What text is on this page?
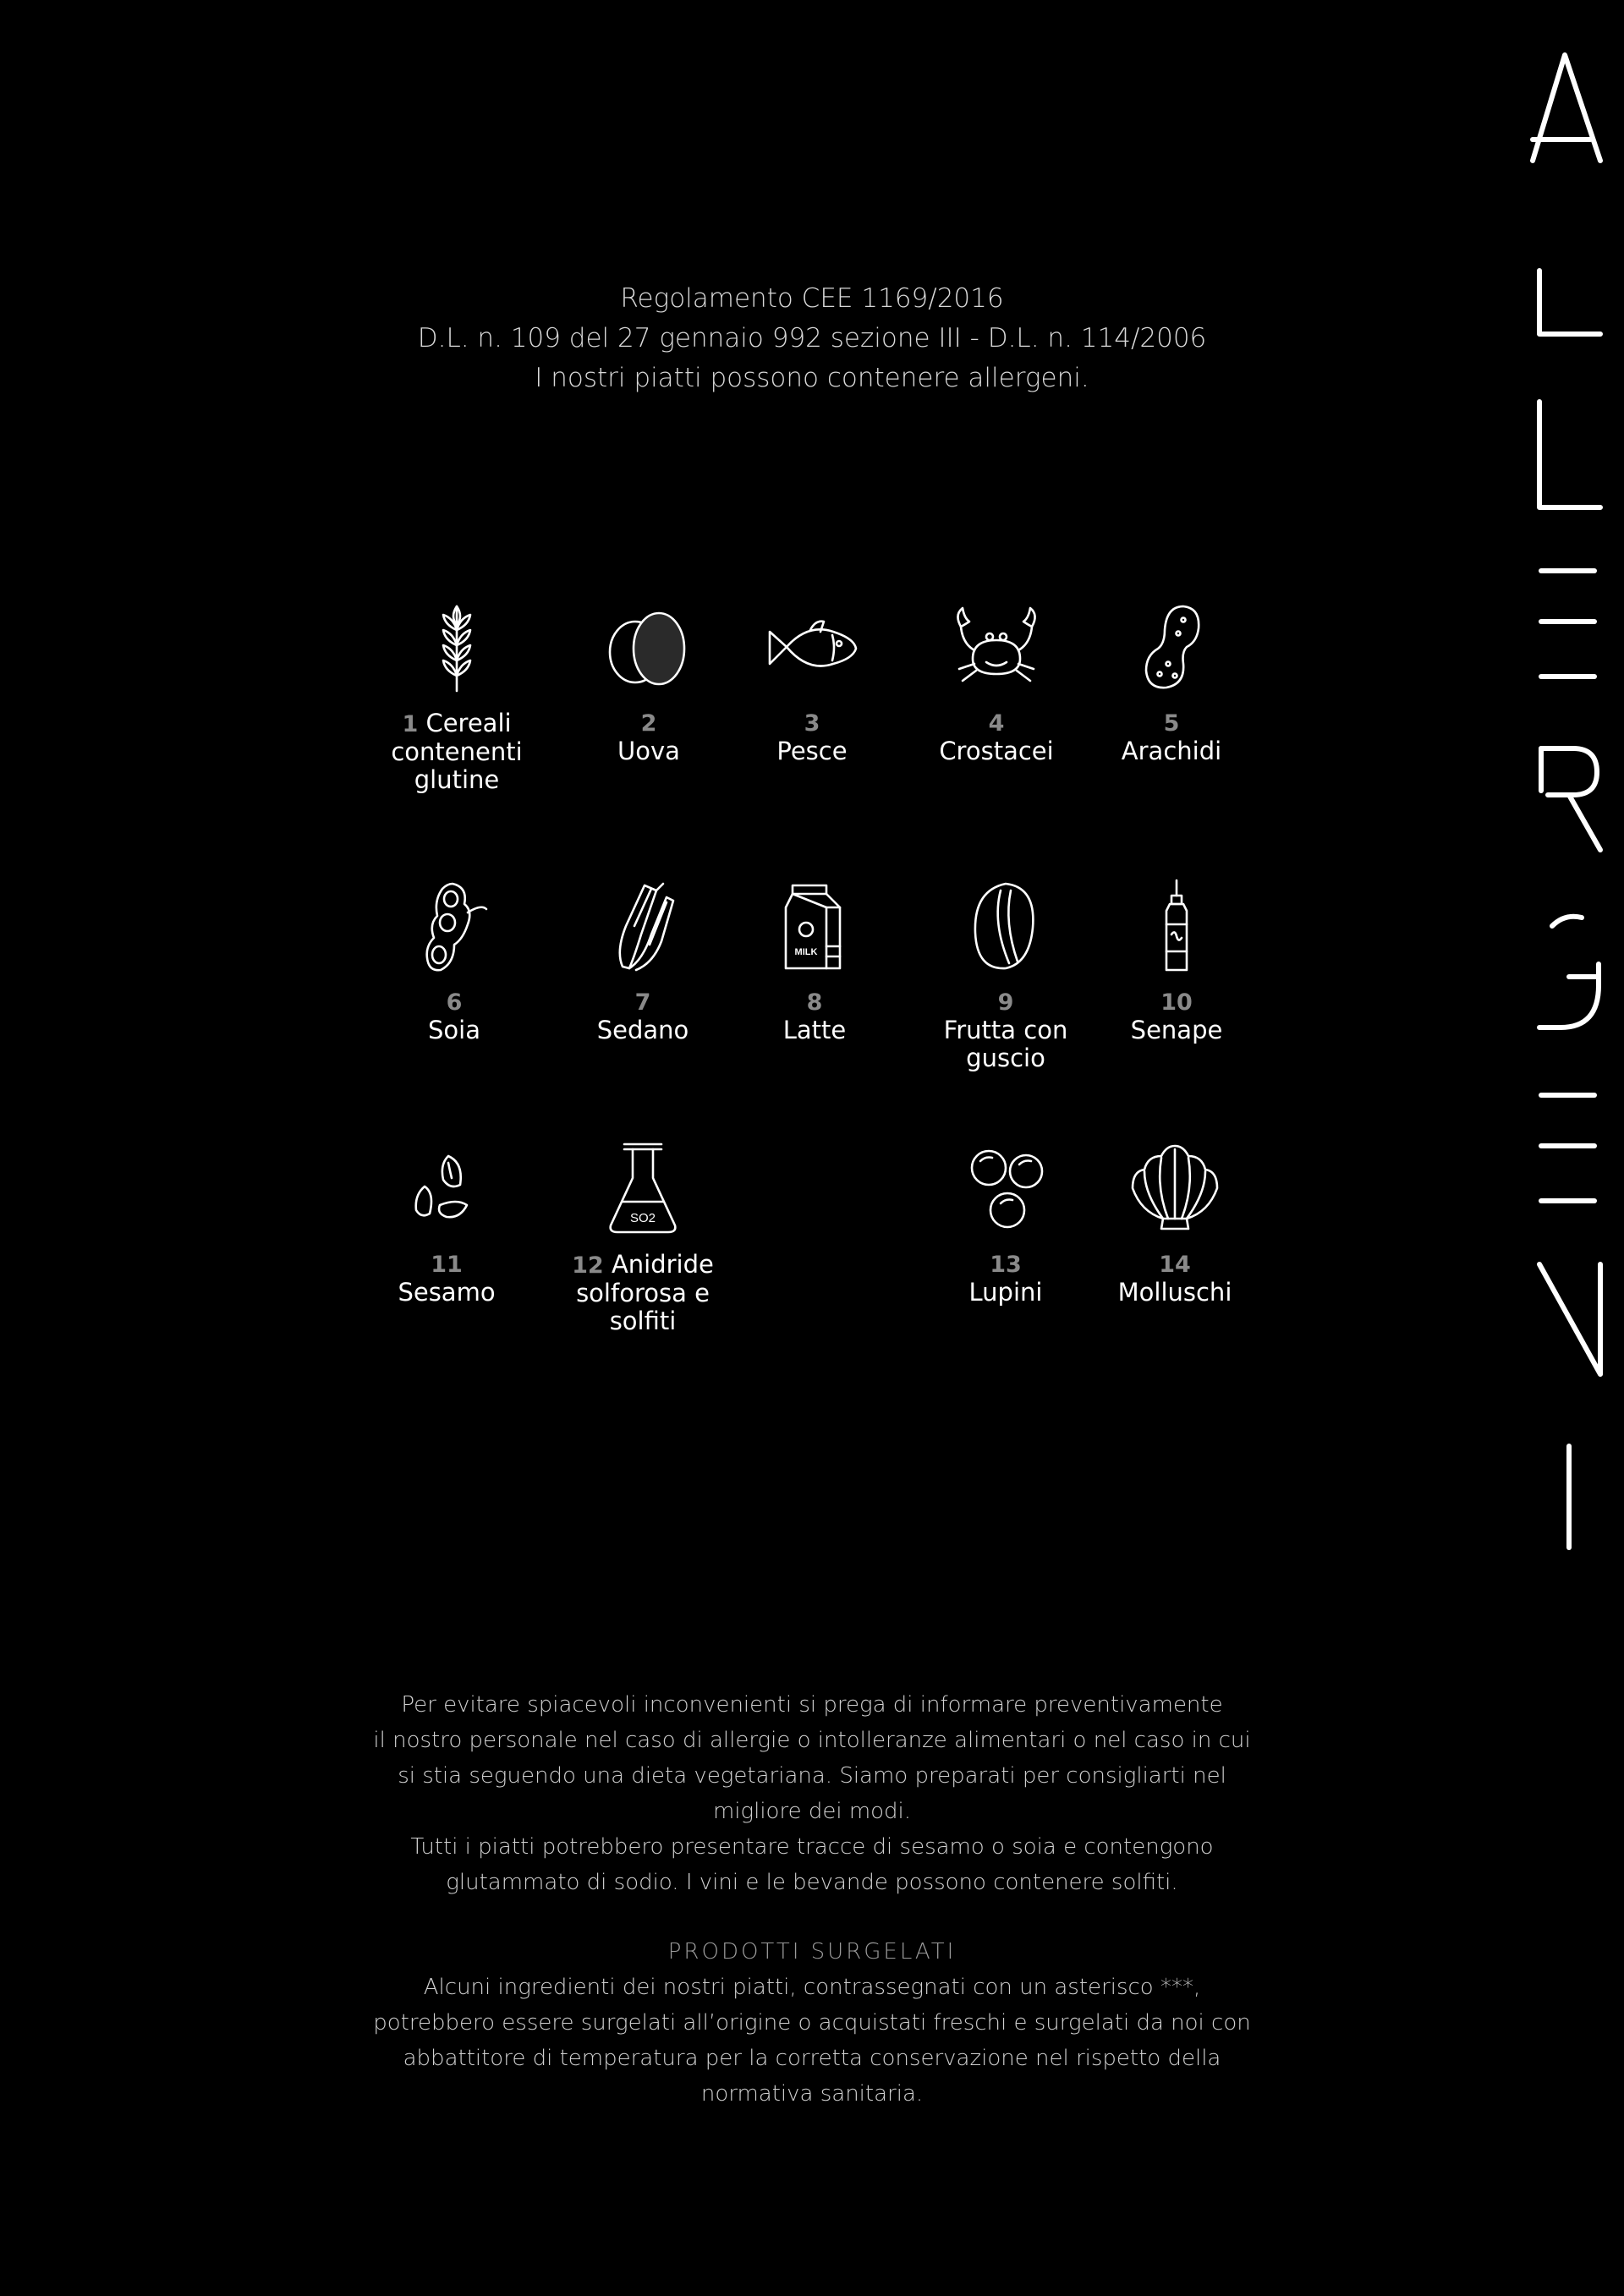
Regolamento CEE 1169/2016
D.L. n. 109 del 27 gennaio 992 sezione III - D.L. n. 114/2006
I nostri piatti possono contenere allergeni.
1 Cereali contenenti glutine
2
Uova
3
Pesce
4
Crostacei
5
Arachidi
6
Soia
7
Sedano
MILK
8
Latte
9
Frutta con guscio
10
Senape
11
Sesamo
SO2
12 Anidride solforosa e solfiti
13
Lupini
14
Molluschi

Per evitare spiacevoli inconvenienti si prega di informare preventivamente

il nostro personale nel caso di allergie o intolleranze alimentari o nel caso in cui

si stia seguendo una dieta vegetariana. Siamo preparati per consigliarti nel

migliore dei modi.

Tutti i piatti potrebbero presentare tracce di sesamo o soia e contengono

glutammato di sodio. I vini e le bevande possono contenere solfiti.

PRODOTTI SURGELATI

Alcuni ingredienti dei nostri piatti, contrassegnati con un asterisco ***,

potrebbero essere surgelati all’origine o acquistati freschi e surgelati da noi con

abbattitore di temperatura per la corretta conservazione nel rispetto della

normativa sanitaria.
